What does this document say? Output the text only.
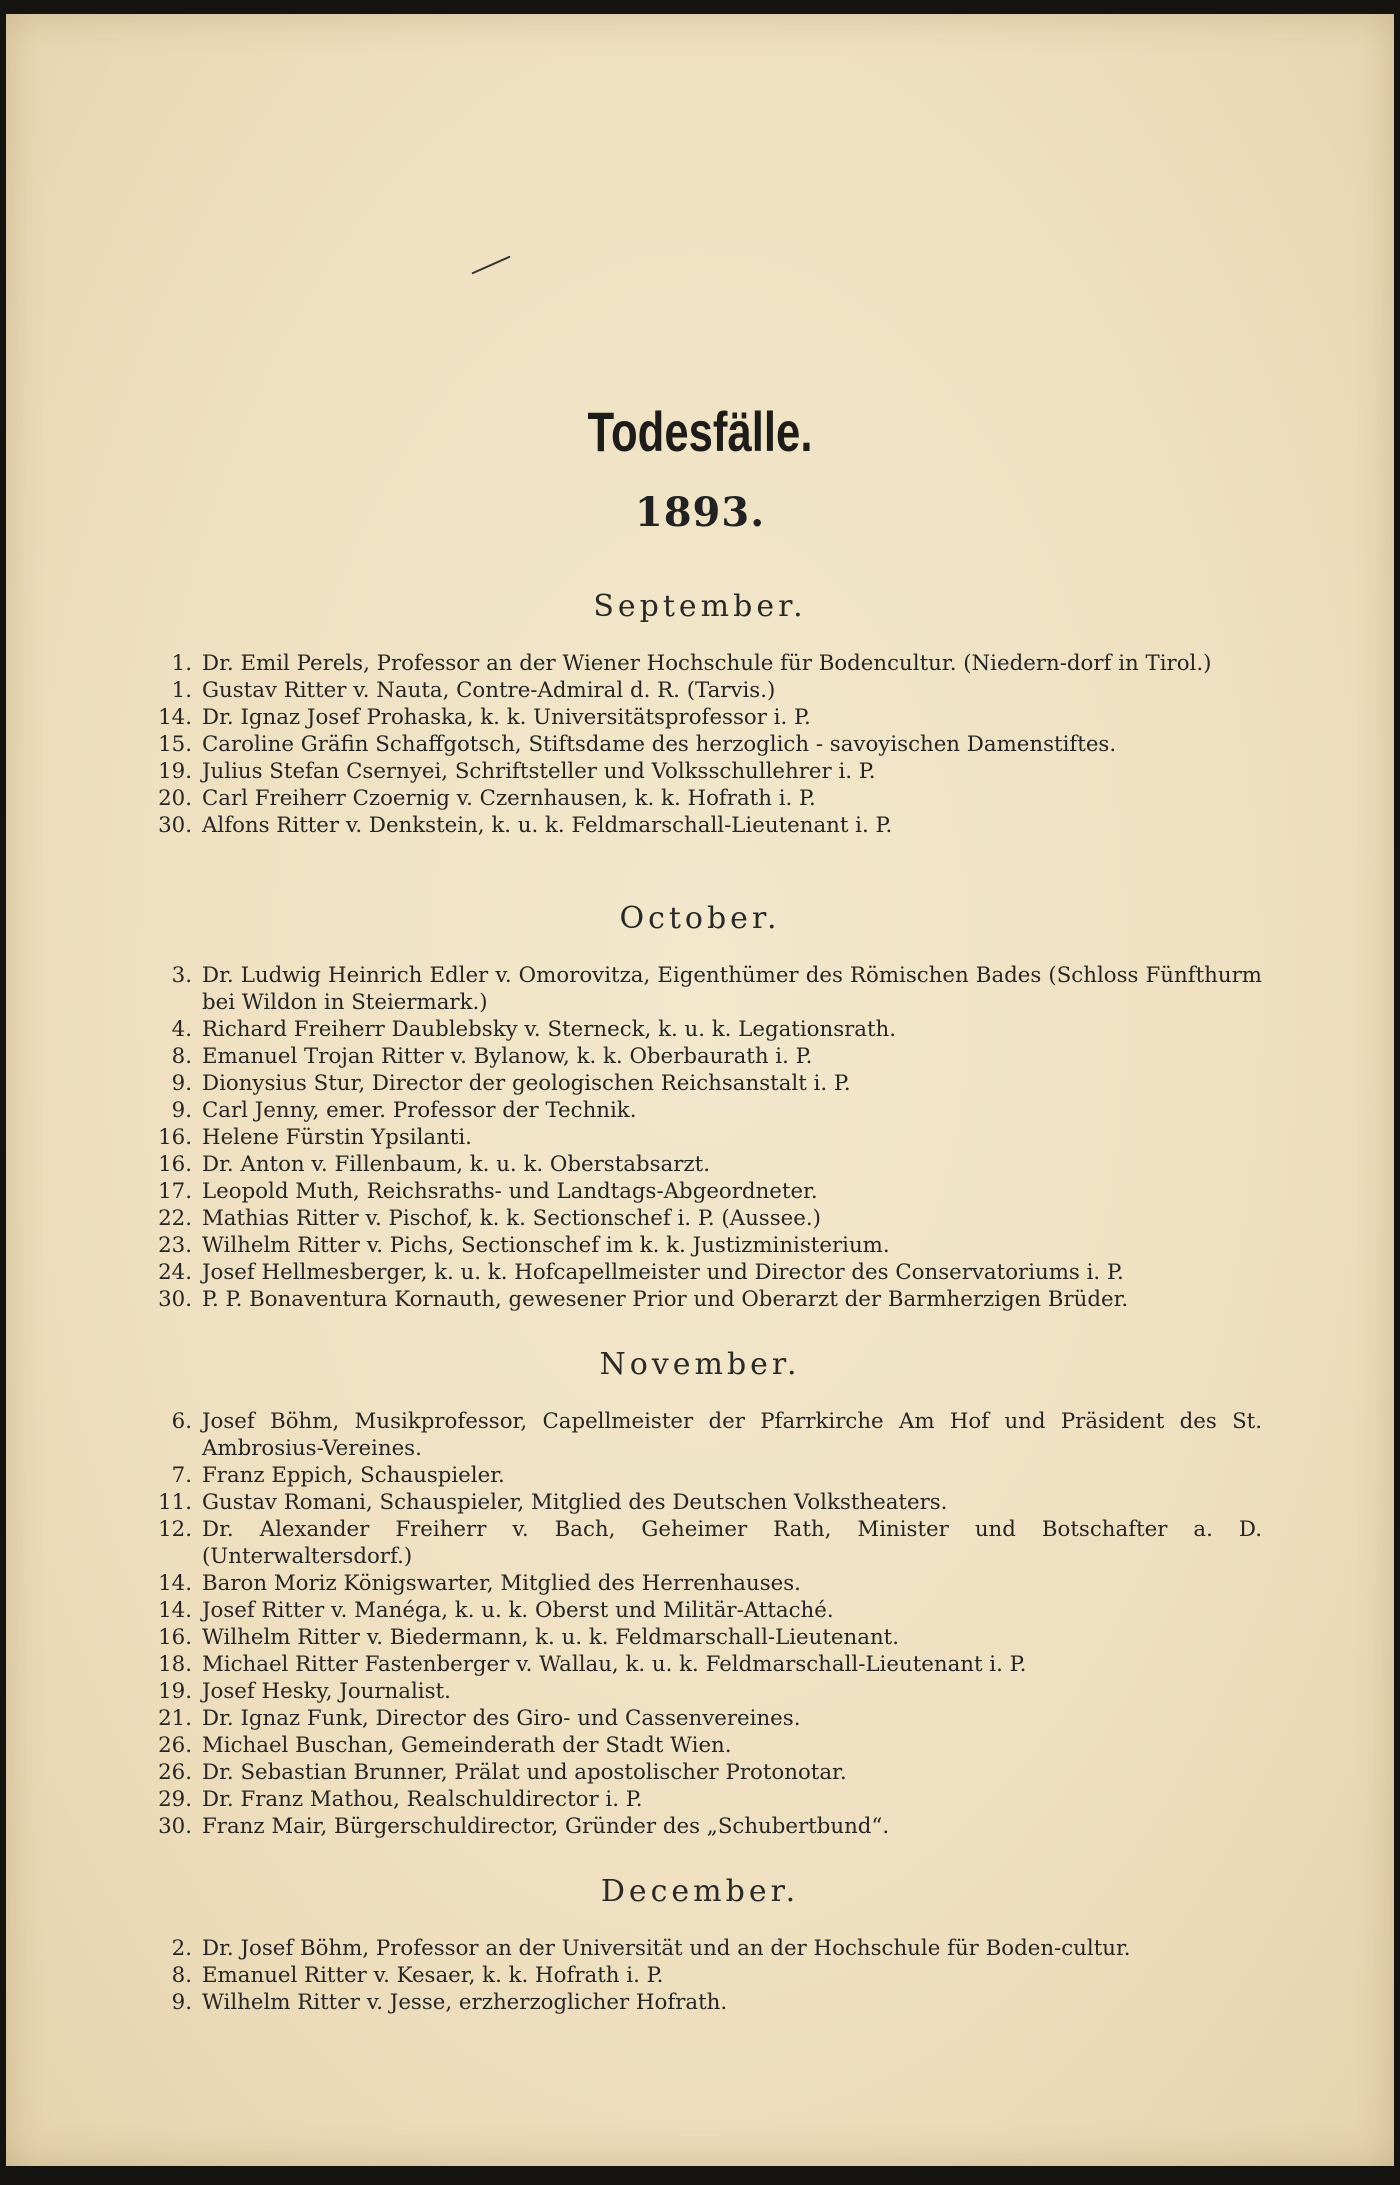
Todesfälle.
1893.
September.
1. Dr. Emil Perels, Professor an der Wiener Hochschule für Bodencultur. (Niedern-dorf in Tirol.)
1. Gustav Ritter v. Nauta, Contre-Admiral d. R. (Tarvis.)
14. Dr. Ignaz Josef Prohaska, k. k. Universitätsprofessor i. P.
15. Caroline Gräfin Schaffgotsch, Stiftsdame des herzoglich - savoyischen Damenstiftes.
19. Julius Stefan Csernyei, Schriftsteller und Volksschullehrer i. P.
20. Carl Freiherr Czoernig v. Czernhausen, k. k. Hofrath i. P.
30. Alfons Ritter v. Denkstein, k. u. k. Feldmarschall-Lieutenant i. P.
October.
3. Dr. Ludwig Heinrich Edler v. Omorovitza, Eigenthümer des Römischen Bades (Schloss Fünfthurm bei Wildon in Steiermark.)
4. Richard Freiherr Daublebsky v. Sterneck, k. u. k. Legationsrath.
8. Emanuel Trojan Ritter v. Bylanow, k. k. Oberbaurath i. P.
9. Dionysius Stur, Director der geologischen Reichsanstalt i. P.
9. Carl Jenny, emer. Professor der Technik.
16. Helene Fürstin Ypsilanti.
16. Dr. Anton v. Fillenbaum, k. u. k. Oberstabsarzt.
17. Leopold Muth, Reichsraths- und Landtags-Abgeordneter.
22. Mathias Ritter v. Pischof, k. k. Sectionschef i. P. (Aussee.)
23. Wilhelm Ritter v. Pichs, Sectionschef im k. k. Justizministerium.
24. Josef Hellmesberger, k. u. k. Hofcapellmeister und Director des Conservatoriums i. P.
30. P. P. Bonaventura Kornauth, gewesener Prior und Oberarzt der Barmherzigen Brüder.
November.
6. Josef Böhm, Musikprofessor, Capellmeister der Pfarrkirche Am Hof und Präsident des St. Ambrosius-Vereines.
7. Franz Eppich, Schauspieler.
11. Gustav Romani, Schauspieler, Mitglied des Deutschen Volkstheaters.
12. Dr. Alexander Freiherr v. Bach, Geheimer Rath, Minister und Botschafter a. D. (Unterwaltersdorf.)
14. Baron Moriz Königswarter, Mitglied des Herrenhauses.
14. Josef Ritter v. Manéga, k. u. k. Oberst und Militär-Attaché.
16. Wilhelm Ritter v. Biedermann, k. u. k. Feldmarschall-Lieutenant.
18. Michael Ritter Fastenberger v. Wallau, k. u. k. Feldmarschall-Lieutenant i. P.
19. Josef Hesky, Journalist.
21. Dr. Ignaz Funk, Director des Giro- und Cassenvereines.
26. Michael Buschan, Gemeinderath der Stadt Wien.
26. Dr. Sebastian Brunner, Prälat und apostolischer Protonotar.
29. Dr. Franz Mathou, Realschuldirector i. P.
30. Franz Mair, Bürgerschuldirector, Gründer des „Schubertbund“.
December.
2. Dr. Josef Böhm, Professor an der Universität und an der Hochschule für Boden-cultur.
8. Emanuel Ritter v. Kesaer, k. k. Hofrath i. P.
9. Wilhelm Ritter v. Jesse, erzherzoglicher Hofrath.
